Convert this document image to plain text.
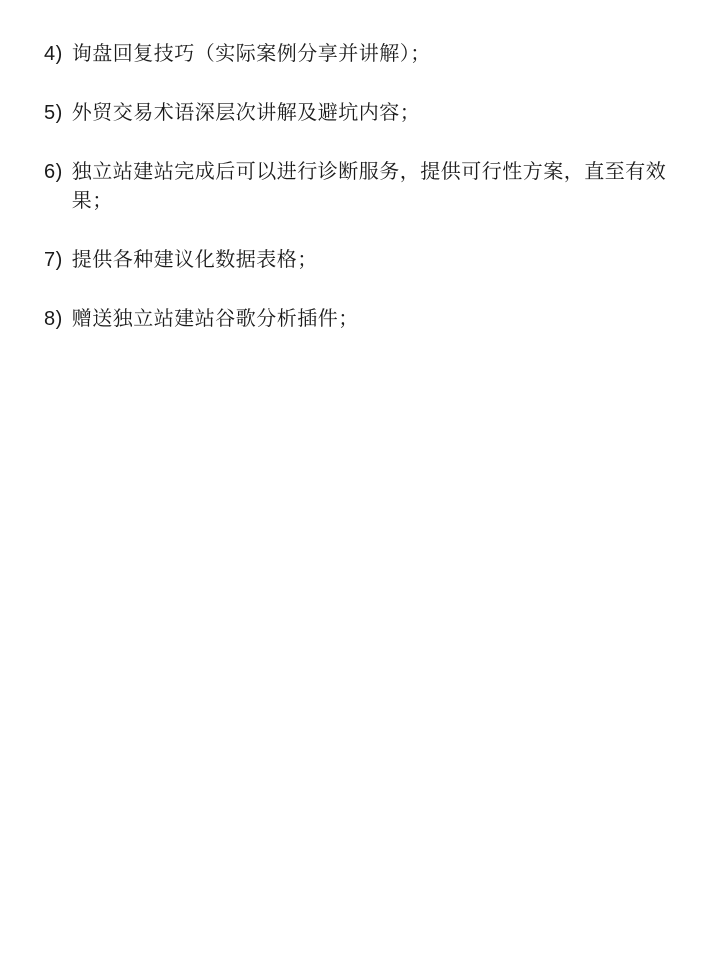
4) 询盘回复技巧（实际案例分享并讲解）；
5) 外贸交易术语深层次讲解及避坑内容；
6) 独立站建站完成后可以进行诊断服务，提供可行性方案，直至有效果；
7) 提供各种建议化数据表格；
8) 赠送独立站建站谷歌分析插件；
